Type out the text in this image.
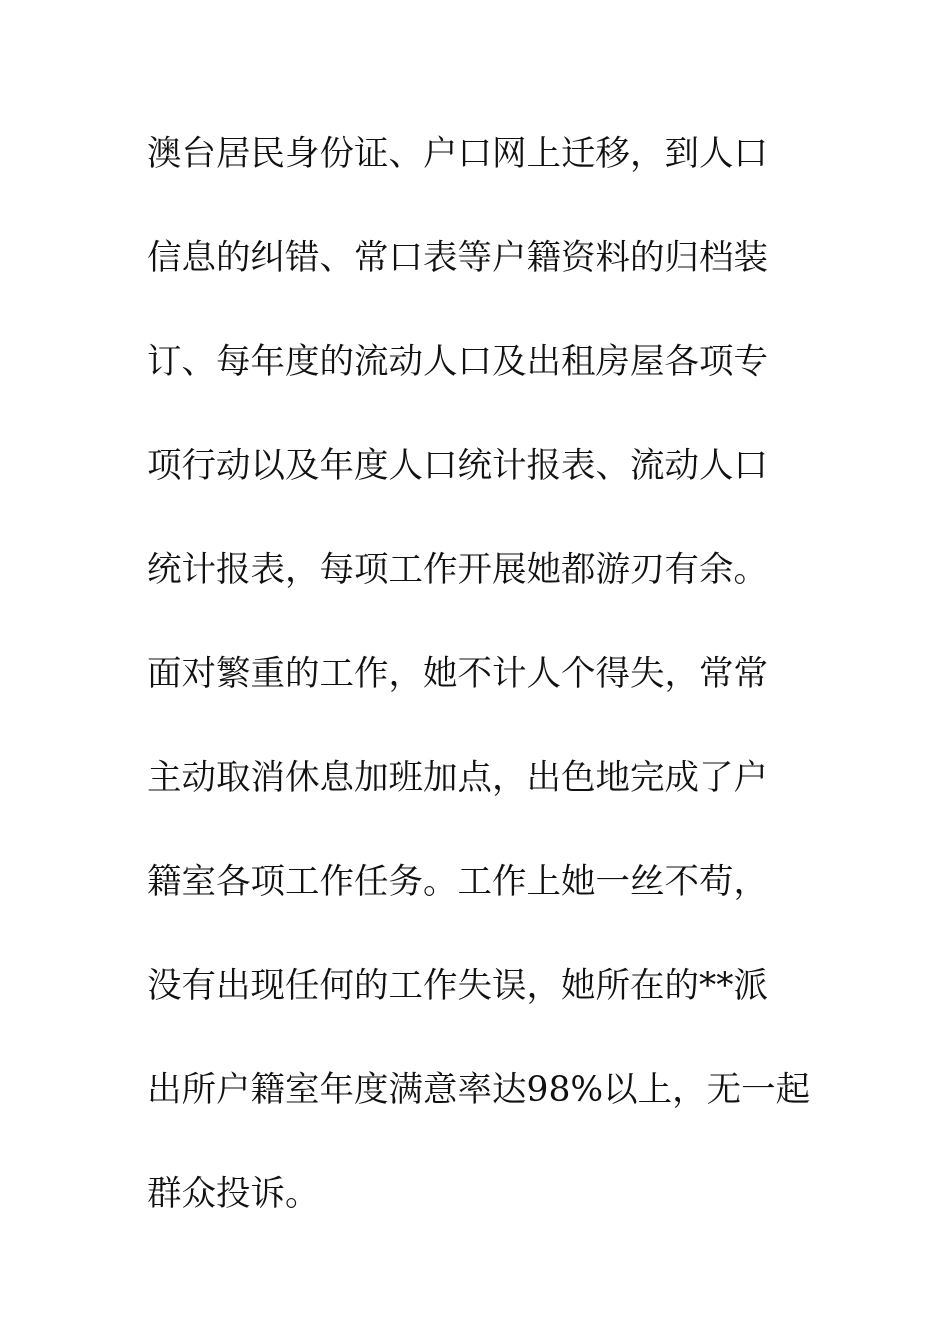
澳台居民身份证、户口网上迁移，到人口
信息的纠错、常口表等户籍资料的归档装
订、每年度的流动人口及出租房屋各项专
项行动以及年度人口统计报表、流动人口
统计报表，每项工作开展她都游刃有余。
面对繁重的工作，她不计人个得失，常常
主动取消休息加班加点，出色地完成了户
籍室各项工作任务。工作上她一丝不苟，
没有出现任何的工作失误，她所在的**派
出所户籍室年度满意率达98%以上，无一起
群众投诉。
